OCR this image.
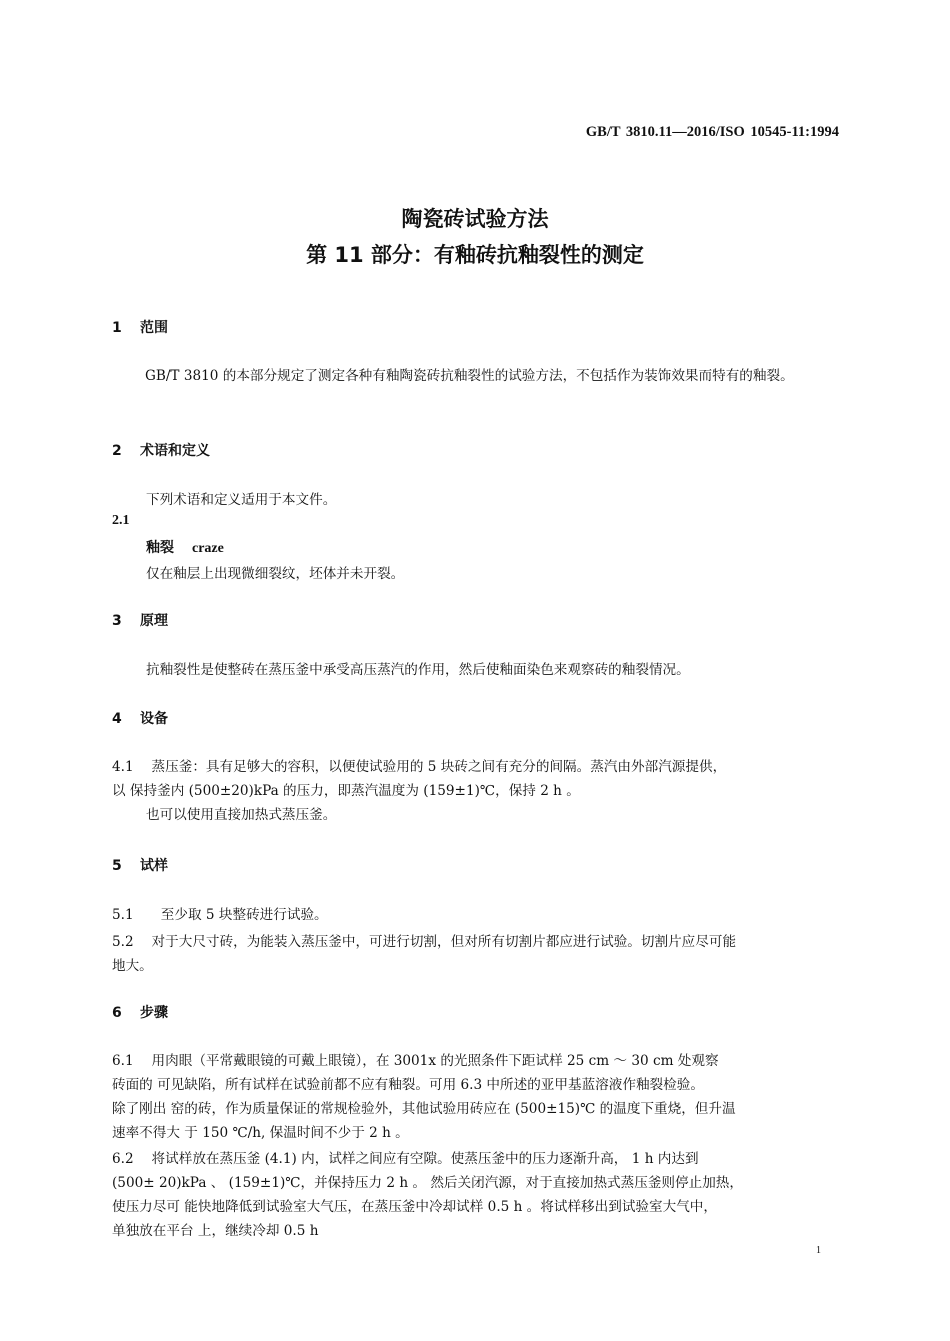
GB/T 3810.11—2016/ISO 10545-11:1994
陶瓷砖试验方法
第 11 部分：有釉砖抗釉裂性的测定
1 范围
GB/T 3810 的本部分规定了测定各种有釉陶瓷砖抗釉裂性的试验方法，不包括作为装饰效果而特有的釉裂。
2 术语和定义
下列术语和定义适用于本文件。
2.1
釉裂 craze
仅在釉层上出现微细裂纹，坯体并未开裂。
3 原理
抗釉裂性是使整砖在蒸压釜中承受高压蒸汽的作用，然后使釉面染色来观察砖的釉裂情况。
4 设备
4.1　 蒸压釜：具有足够大的容积，以便使试验用的 5 块砖之间有充分的间隔。蒸汽由外部汽源提供，
以 保持釜内 (500±20)kPa 的压力，即蒸汽温度为 (159±1)℃，保持 2 h 。
也可以使用直接加热式蒸压釜。
5 试样
5.1　　至少取 5 块整砖进行试验。
5.2　 对于大尺寸砖，为能装入蒸压釜中，可进行切割，但对所有切割片都应进行试验。切割片应尽可能
地大。
6 步骤
6.1　 用肉眼（平常戴眼镜的可戴上眼镜），在 3001x 的光照条件下距试样 25 cm ～ 30 cm 处观察
砖面的 可见缺陷，所有试样在试验前都不应有釉裂。可用 6.3 中所述的亚甲基蓝溶液作釉裂检验。
除了刚出 窑的砖，作为质量保证的常规检验外，其他试验用砖应在 (500±15)℃ 的温度下重烧，但升温
速率不得大 于 150 ℃/h, 保温时间不少于 2 h 。
6.2　 将试样放在蒸压釜 (4.1) 内，试样之间应有空隙。使蒸压釜中的压力逐渐升高， 1 h 内达到
(500± 20)kPa 、 (159±1)℃，并保持压力 2 h 。 然后关闭汽源，对于直接加热式蒸压釜则停止加热，
使压力尽可 能快地降低到试验室大气压，在蒸压釜中冷却试样 0.5 h 。将试样移出到试验室大气中，
单独放在平台 上，继续冷却 0.5 h
1
